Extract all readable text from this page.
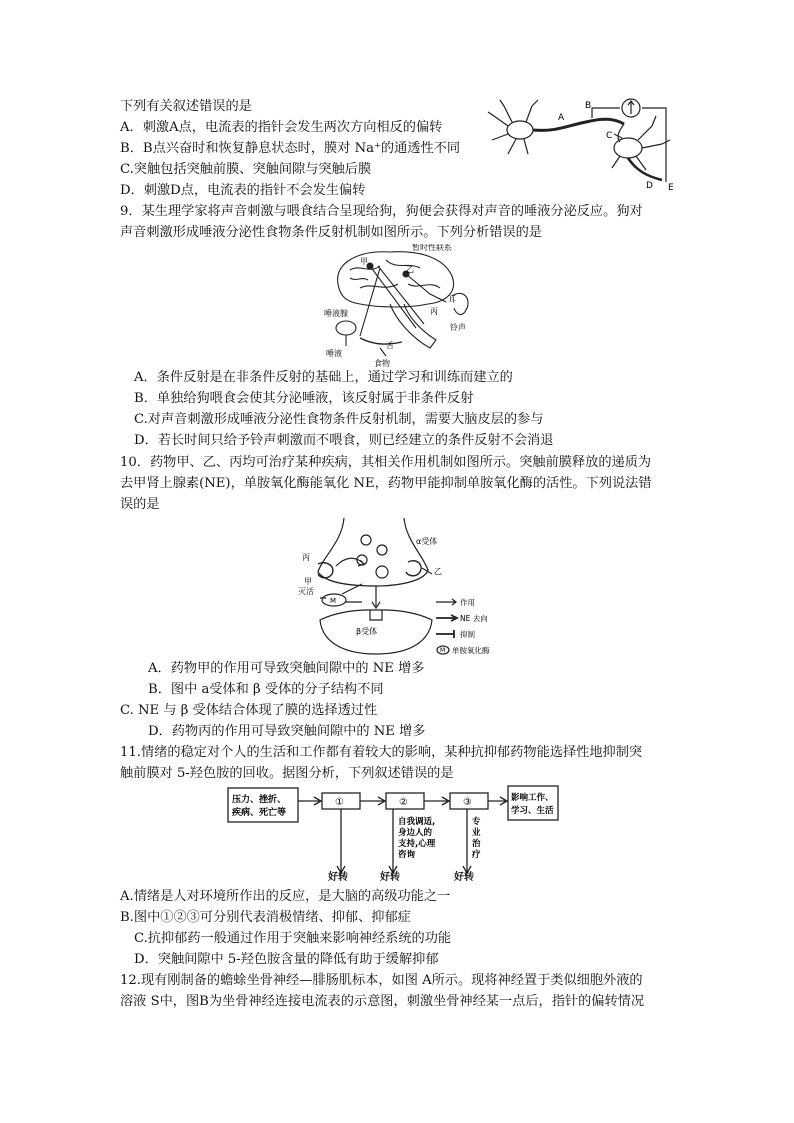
下列有关叙述错误的是
A．刺激A点，电流表的指针会发生两次方向相反的偏转
B．B点兴奋时和恢复静息状态时，膜对 Na⁺的通透性不同
C.突触包括突触前膜、突触间隙与突触后膜
D．刺激D点，电流表的指针不会发生偏转
A
B
C
D E
9．某生理学家将声音刺激与喂食结合呈现给狗，狗便会获得对声音的唾液分泌反应。狗对
声音刺激形成唾液分泌性食物条件反射机制如图所示。下列分析错误的是
暂时性联系
甲
乙
丙
耳
唾液腺
唾液
舌
食物
铃声
A．条件反射是在非条件反射的基础上，通过学习和训练而建立的
B．单独给狗喂食会使其分泌唾液，该反射属于非条件反射
C.对声音刺激形成唾液分泌性食物条件反射机制，需要大脑皮层的参与
D．若长时间只给予铃声刺激而不喂食，则已经建立的条件反射不会消退
10．药物甲、乙、丙均可治疗某种疾病，其相关作用机制如图所示。突触前膜释放的递质为
去甲肾上腺素(NE)，单胺氧化酶能氧化 NE，药物甲能抑制单胺氧化酶的活性。下列说法错
误的是
丙
α受体
乙
甲
灭活
M
β受体
作用
NE 去向
抑制
M 单胺氧化酶
A．药物甲的作用可导致突触间隙中的 NE 增多
B．图中 a受体和 β 受体的分子结构不同
C. NE 与 β 受体结合体现了膜的选择透过性
D．药物丙的作用可导致突触间隙中的 NE 增多
11.情绪的稳定对个人的生活和工作都有着较大的影响，某种抗抑郁药物能选择性地抑制突
触前膜对 5-羟色胺的回收。据图分析，下列叙述错误的是
压力、挫折、
疾病、死亡等
①	②	③	影响工作、
学习、生活
自我调适,
身边人的
支持,心理
咨询
专
业
治
疗
好转	好转	好转
A.情绪是人对环境所作出的反应，是大脑的高级功能之一
B.图中①②③可分别代表消极情绪、抑郁、抑郁症
C.抗抑郁药一般通过作用于突触来影响神经系统的功能
D．突触间隙中 5-羟色胺含量的降低有助于缓解抑郁
12.现有刚制备的蟾蜍坐骨神经—腓肠肌标本，如图 A所示。现将神经置于类似细胞外液的
溶液 S中，图B为坐骨神经连接电流表的示意图，刺激坐骨神经某一点后，指针的偏转情况
